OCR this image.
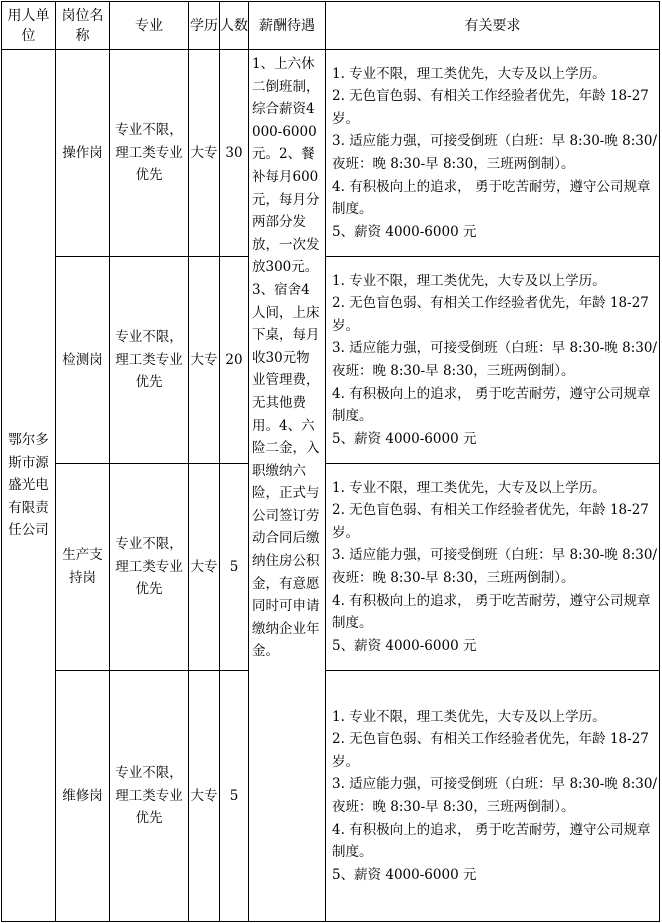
用人单位	岗位名称	专业	学历	人数	薪酬待遇	有关要求
鄂尔多斯市源盛光电有限责任公司	操作岗	专业不限，理工类专业优先	大专	30	1、上六休二倒班制，综合薪资4000-6000元。2、餐补每月600元，每月分两部分发放，一次发放300元。3、宿舍4人间，上床下桌，每月收30元物业管理费，无其他费用。4、六险二金，入职缴纳六险，正式与公司签订劳动合同后缴纳住房公积金，有意愿同时可申请缴纳企业年金。	1. 专业不限，理工类优先，大专及以上学历。
2. 无色盲色弱、有相关工作经验者优先，年龄 18-27 岁。
3. 适应能力强，可接受倒班（白班：早 8:30-晚 8:30/夜班：晚 8:30-早 8:30，三班两倒制）。
4. 有积极向上的追求， 勇于吃苦耐劳，遵守公司规章制度。
5、薪资 4000-6000 元

	检测岗	专业不限，理工类专业优先	大专	20		1. 专业不限，理工类优先，大专及以上学历。
2. 无色盲色弱、有相关工作经验者优先，年龄 18-27 岁。
3. 适应能力强，可接受倒班（白班：早 8:30-晚 8:30/夜班：晚 8:30-早 8:30，三班两倒制）。
4. 有积极向上的追求， 勇于吃苦耐劳，遵守公司规章制度。
5、薪资 4000-6000 元

	生产支持岗	专业不限，理工类专业优先	大专	5		1. 专业不限，理工类优先，大专及以上学历。
2. 无色盲色弱、有相关工作经验者优先，年龄 18-27 岁。
3. 适应能力强，可接受倒班（白班：早 8:30-晚 8:30/夜班：晚 8:30-早 8:30，三班两倒制）。
4. 有积极向上的追求， 勇于吃苦耐劳，遵守公司规章制度。
5、薪资 4000-6000 元

	维修岗	专业不限，理工类专业优先	大专	5		1. 专业不限，理工类优先，大专及以上学历。
2. 无色盲色弱、有相关工作经验者优先，年龄 18-27 岁。
3. 适应能力强，可接受倒班（白班：早 8:30-晚 8:30/夜班：晚 8:30-早 8:30，三班两倒制）。
4. 有积极向上的追求， 勇于吃苦耐劳，遵守公司规章制度。
5、薪资 4000-6000 元
